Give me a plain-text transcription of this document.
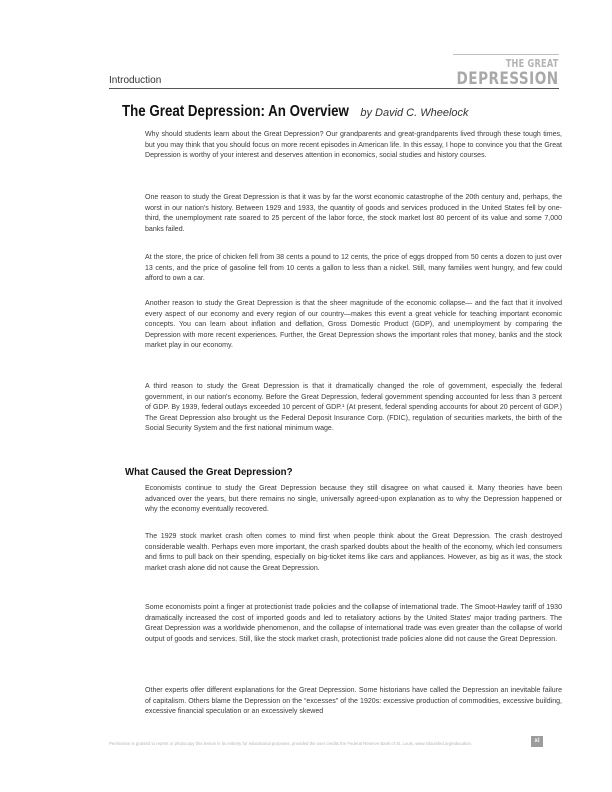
THE GREAT
DEPRESSION
Introduction
The Great Depression: An Overview by David C. Wheelock

Why should students learn about the Great Depression? Our grandparents and great-grandparents lived through these tough times, but you may think that you should focus on more recent episodes in American life. In this essay, I hope to convince you that the Great Depression is worthy of your interest and deserves attention in economics, social studies and history courses.

One reason to study the Great Depression is that it was by far the worst economic catastrophe of the 20th century and, perhaps, the worst in our nation's history. Between 1929 and 1933, the quantity of goods and services produced in the United States fell by one-third, the unemployment rate soared to 25 percent of the labor force, the stock market lost 80 percent of its value and some 7,000 banks failed.

At the store, the price of chicken fell from 38 cents a pound to 12 cents, the price of eggs dropped from 50 cents a dozen to just over 13 cents, and the price of gasoline fell from 10 cents a gallon to less than a nickel. Still, many families went hungry, and few could afford to own a car.

Another reason to study the Great Depression is that the sheer magnitude of the economic collapse— and the fact that it involved every aspect of our economy and every region of our country—makes this event a great vehicle for teaching important economic concepts. You can learn about inflation and deflation, Gross Domestic Product (GDP), and unemployment by comparing the Depression with more recent experiences. Further, the Great Depression shows the important roles that money, banks and the stock market play in our economy.

A third reason to study the Great Depression is that it dramatically changed the role of government, especially the federal government, in our nation's economy. Before the Great Depression, federal government spending accounted for less than 3 percent of GDP. By 1939, federal outlays exceeded 10 percent of GDP.¹ (At present, federal spending accounts for about 20 percent of GDP.) The Great Depression also brought us the Federal Deposit Insurance Corp. (FDIC), regulation of securities markets, the birth of the Social Security System and the first national minimum wage.

What Caused the Great Depression?

Economists continue to study the Great Depression because they still disagree on what caused it. Many theories have been advanced over the years, but there remains no single, universally agreed-upon explanation as to why the Depression happened or why the economy eventually recovered.

The 1929 stock market crash often comes to mind first when people think about the Great Depression. The crash destroyed considerable wealth. Perhaps even more important, the crash sparked doubts about the health of the economy, which led consumers and firms to pull back on their spending, especially on big-ticket items like cars and appliances. However, as big as it was, the stock market crash alone did not cause the Great Depression.

Some economists point a finger at protectionist trade policies and the collapse of international trade. The Smoot-Hawley tariff of 1930 dramatically increased the cost of imported goods and led to retaliatory actions by the United States' major trading partners. The Great Depression was a worldwide phenomenon, and the collapse of international trade was even greater than the collapse of world output of goods and services. Still, like the stock market crash, protectionist trade policies alone did not cause the Great Depression.

Other experts offer different explanations for the Great Depression. Some historians have called the Depression an inevitable failure of capitalism. Others blame the Depression on the “excesses” of the 1920s: excessive production of commodities, excessive building, excessive financial speculation or an excessively skewed

Permission is granted to reprint or photocopy this lesson in its entirety for educational purposes, provided the user credits the Federal Reserve Bank of St. Louis, www.stlouisfed.org/education.	xi
